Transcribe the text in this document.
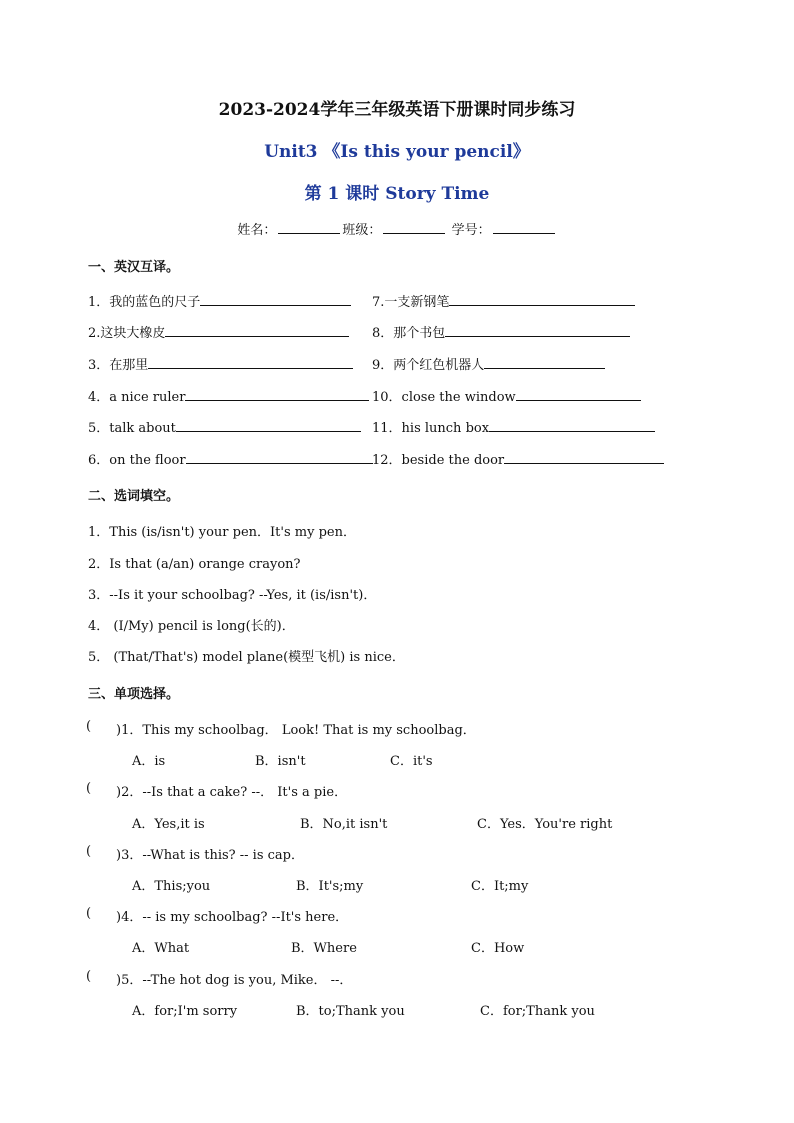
2023-2024学年三年级英语下册课时同步练习
Unit3 《Is this your pencil》
第 1 课时 Story Time
姓名：	班级：	学号：
一、英汉互译。
1．我的蓝色的尺子	7.一支新钢笔
2.这块大橡皮	8．那个书包
3．在那里	9．两个红色机器人
4．a nice ruler	10．close the window
5．talk about	11．his lunch box
6．on the floor	12．beside the door
二、选词填空。
1．This (is/isn't) your pen．It's my pen．
2．Is that (a/an) orange crayon?
3．--Is it your schoolbag? --Yes, it (is/isn't)．
4． (I/My) pencil is long(长的)．
5． (That/That's) model plane(模型飞机) is nice．
三、单项选择。
( )1．This my schoolbag． Look! That is my schoolbag．
A．is	B．isn't	C．it's
( )2．--Is that a cake? --． It's a pie．
A．Yes,it is	B．No,it isn't	C．Yes．You're right
( )3．--What is this? -- is cap．
A．This;you	B．It's;my	C．It;my
( )4．-- is my schoolbag? --It's here．
A．What	B．Where	C．How
( )5．--The hot dog is you, Mike． --．
A．for;I'm sorry	B．to;Thank you	C．for;Thank you
